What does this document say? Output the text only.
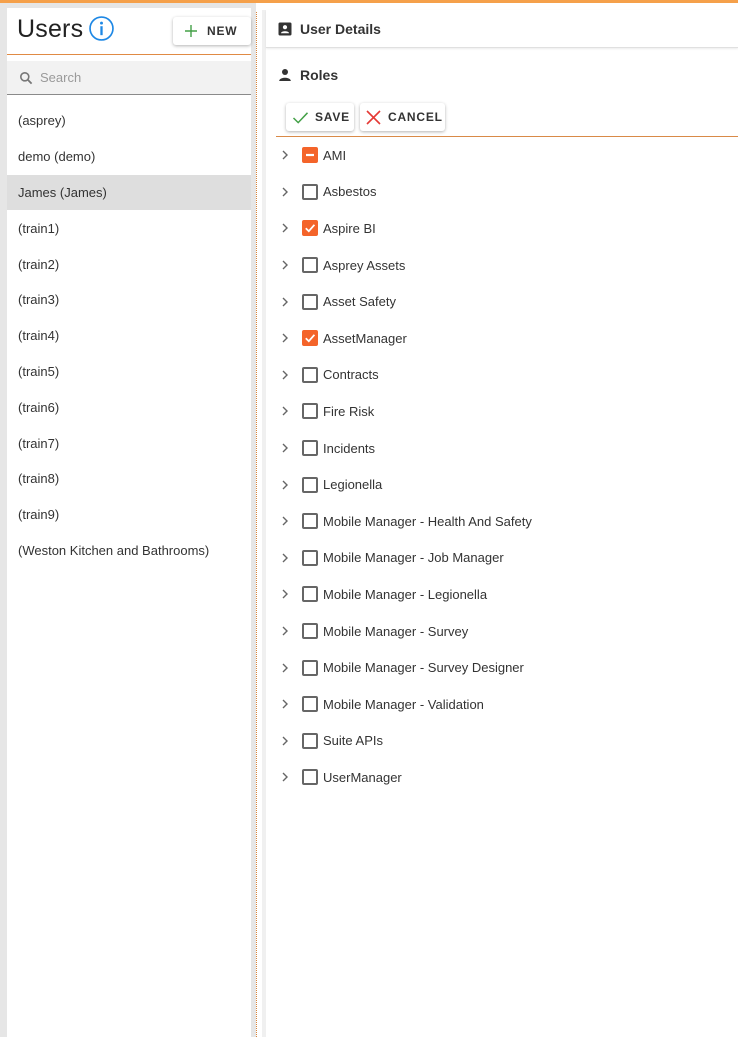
Users	NEW
Search
(asprey)
demo (demo)
James (James)
(train1)
(train2)
(train3)
(train4)
(train5)
(train6)
(train7)
(train8)
(train9)
(Weston Kitchen and Bathrooms)
User Details
Roles
SAVE	CANCEL
AMI
Asbestos
Aspire BI
Asprey Assets
Asset Safety
AssetManager
Contracts
Fire Risk
Incidents
Legionella
Mobile Manager - Health And Safety
Mobile Manager - Job Manager
Mobile Manager - Legionella
Mobile Manager - Survey
Mobile Manager - Survey Designer
Mobile Manager - Validation
Suite APIs
UserManager
